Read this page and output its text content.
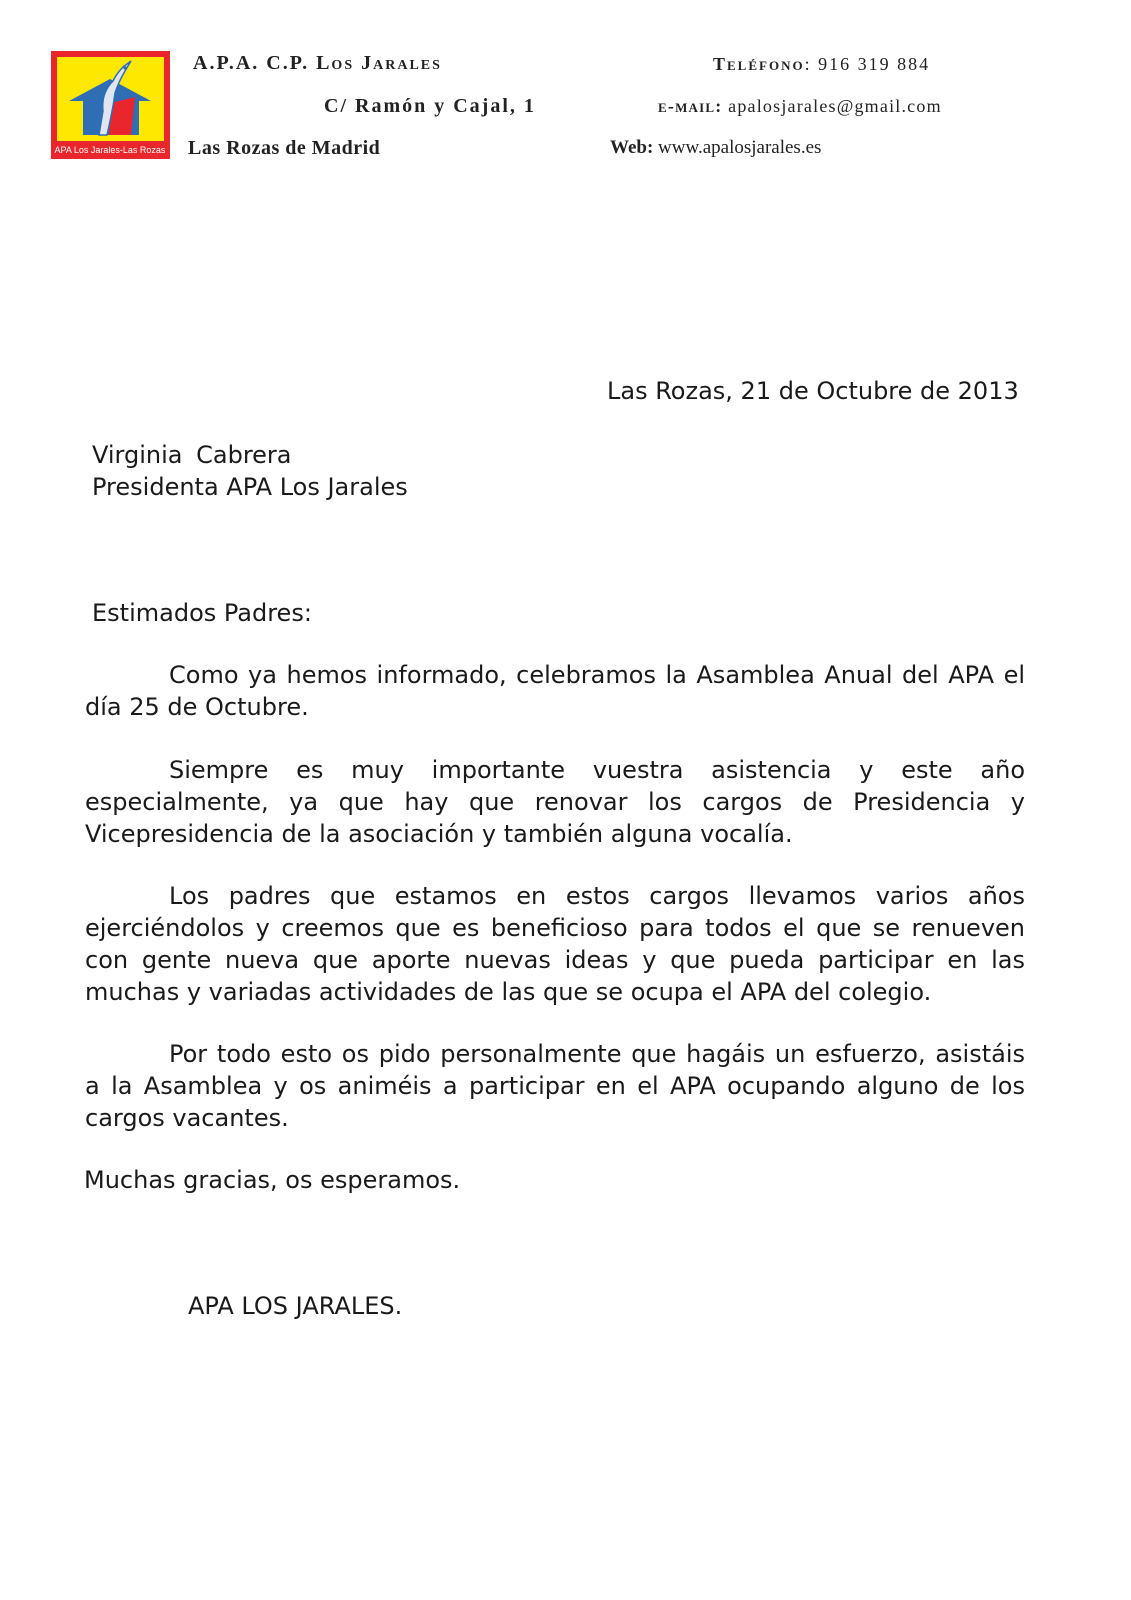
APA Los Jarales-Las Rozas
A.P.A. C.P. Los Jarales
C/ Ramón y Cajal, 1
Las Rozas de Madrid
Teléfono: 916 319 884
e-mail: apalosjarales@gmail.com
Web: www.apalosjarales.es
Las Rozas, 21 de Octubre de 2013
Virginia Cabrera
Presidenta APA Los Jarales
Estimados Padres:
Como ya hemos informado, celebramos la Asamblea Anual del APA el día 25 de Octubre.
Siempre es muy importante vuestra asistencia y este año especialmente, ya que hay que renovar los cargos de Presidencia y Vicepresidencia de la asociación y también alguna vocalía.
Los padres que estamos en estos cargos llevamos varios años ejerciéndolos y creemos que es beneficioso para todos el que se renueven con gente nueva que aporte nuevas ideas y que pueda participar en las muchas y variadas actividades de las que se ocupa el APA del colegio.
Por todo esto os pido personalmente que hagáis un esfuerzo, asistáis a la Asamblea y os animéis a participar en el APA ocupando alguno de los cargos vacantes.
Muchas gracias, os esperamos.
APA LOS JARALES.
